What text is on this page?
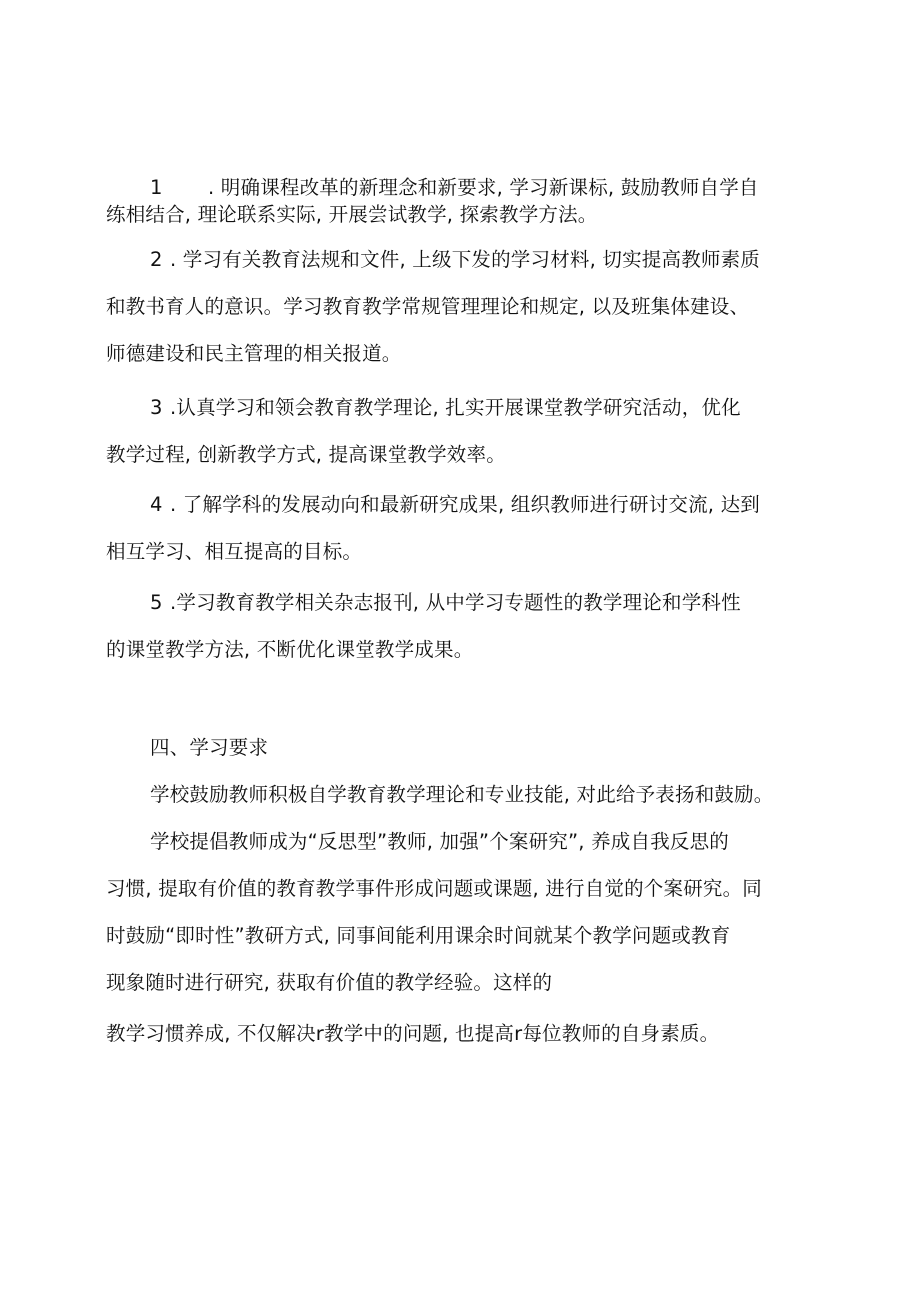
1 . 明确课程改革的新理念和新要求, 学习新课标, 鼓励教师自学自
练相结合, 理论联系实际, 开展尝试教学, 探索教学方法。
2 . 学习有关教育法规和文件, 上级下发的学习材料, 切实提高教师素质
和教书育人的意识。学习教育教学常规管理理论和规定, 以及班集体建设、
师德建设和民主管理的相关报道。
3 .认真学习和领会教育教学理论, 扎实开展课堂教学研究活动，优化
教学过程, 创新教学方式, 提高课堂教学效率。
4 . 了解学科的发展动向和最新研究成果, 组织教师进行研讨交流, 达到
相互学习、相互提高的目标。
5 .学习教育教学相关杂志报刊, 从中学习专题性的教学理论和学科性
的课堂教学方法, 不断优化课堂教学成果。
四、学习要求
学校鼓励教师积极自学教育教学理论和专业技能, 对此给予表扬和鼓励。
学校提倡教师成为“反思型”教师, 加强”个案研究”, 养成自我反思的
习惯, 提取有价值的教育教学事件形成问题或课题, 进行自觉的个案研究。同
时鼓励“即时性”教研方式, 同事间能利用课余时间就某个教学问题或教育
现象随时进行研究, 获取有价值的教学经验。这样的
教学习惯养成, 不仅解决r教学中的问题, 也提高r每位教师的自身素质。
